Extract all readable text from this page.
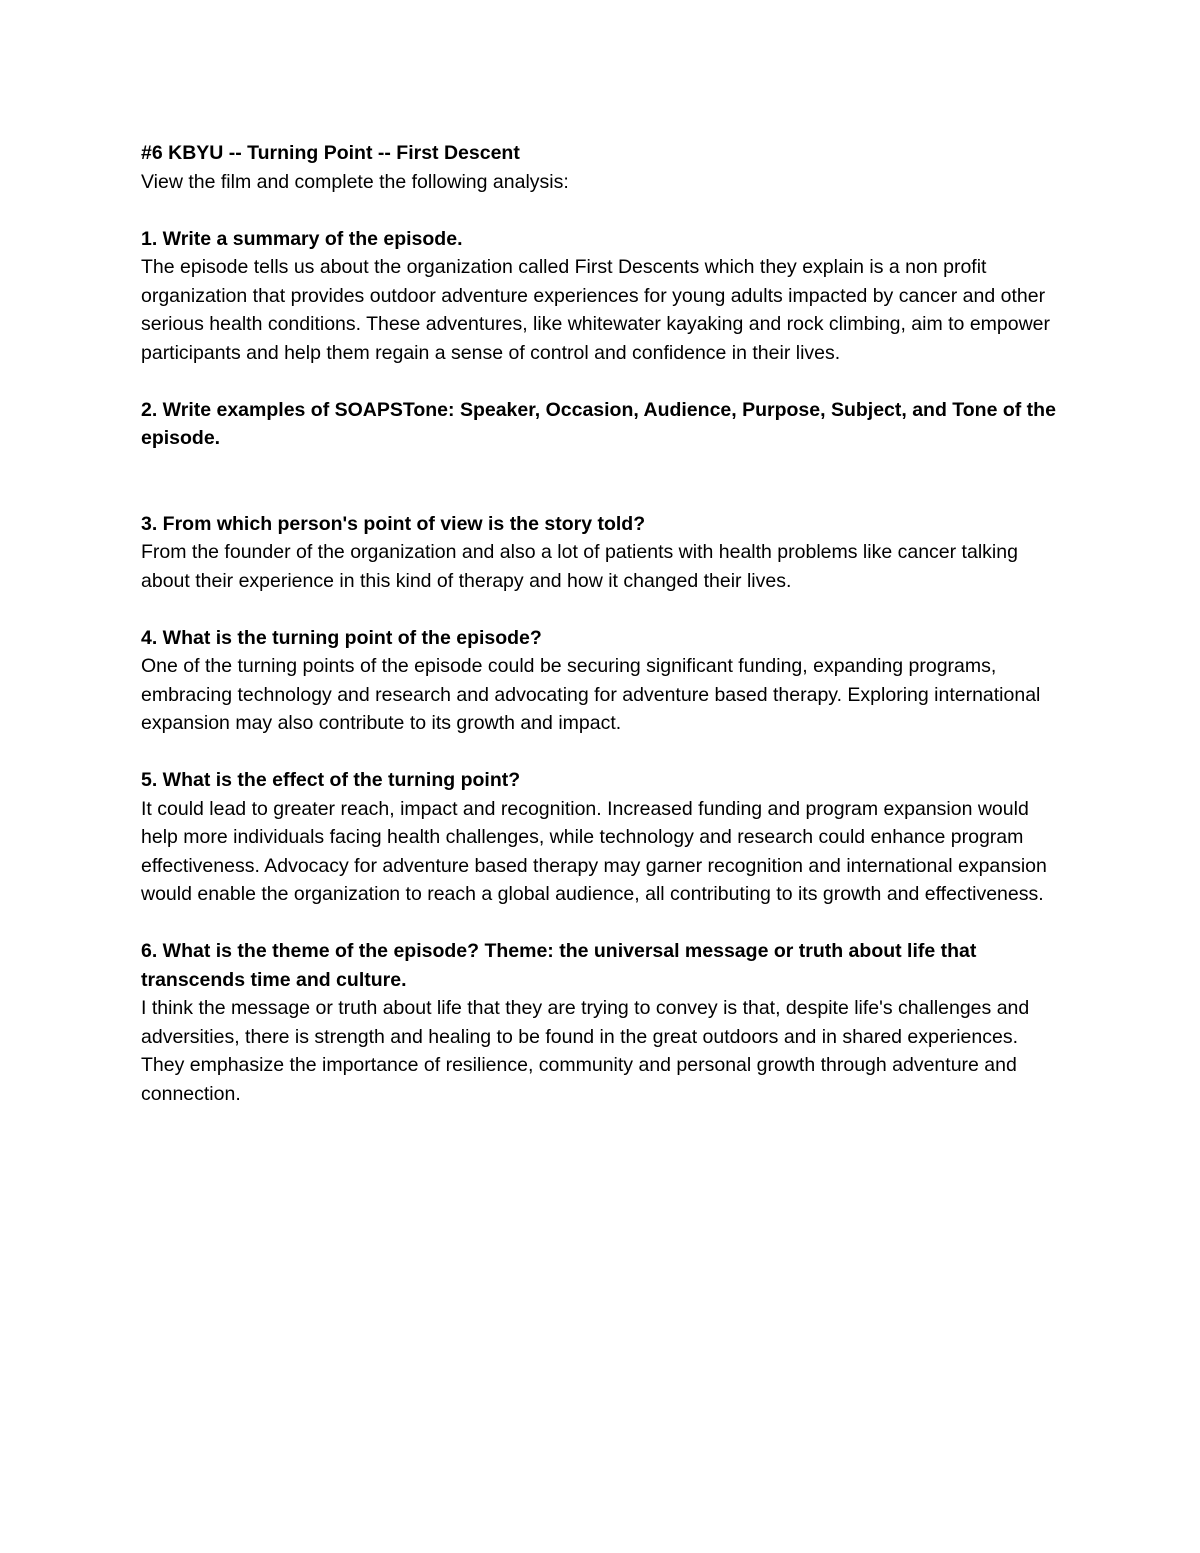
#6 KBYU -- Turning Point -- First Descent

View the film and complete the following analysis:

1. Write a summary of the episode.

The episode tells us about the organization called First Descents which they explain is a non profit organization that provides outdoor adventure experiences for young adults impacted by cancer and other serious health conditions. These adventures, like whitewater kayaking and rock climbing, aim to empower participants and help them regain a sense of control and confidence in their lives.

2. Write examples of SOAPSTone: Speaker, Occasion, Audience, Purpose, Subject, and Tone of the episode.

3. From which person's point of view is the story told?

From the founder of the organization and also a lot of patients with health problems like cancer talking about their experience in this kind of therapy and how it changed their lives.

4. What is the turning point of the episode?

One of the turning points of the episode could be securing significant funding, expanding programs, embracing technology and research and advocating for adventure based therapy. Exploring international expansion may also contribute to its growth and impact.

5. What is the effect of the turning point?

It could lead to greater reach, impact and recognition. Increased funding and program expansion would help more individuals facing health challenges, while technology and research could enhance program effectiveness. Advocacy for adventure based therapy may garner recognition and international expansion would enable the organization to reach a global audience, all contributing to its growth and effectiveness.

6. What is the theme of the episode? Theme: the universal message or truth about life that transcends time and culture.

I think the message or truth about life that they are trying to convey is that, despite life's challenges and adversities, there is strength and healing to be found in the great outdoors and in shared experiences. They emphasize the importance of resilience, community and personal growth through adventure and connection.
